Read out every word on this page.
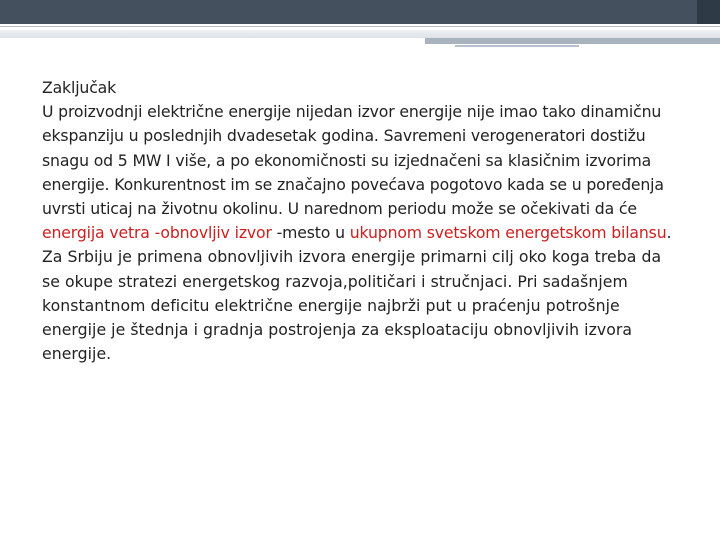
Zaključak
U proizvodnji električne energije nijedan izvor energije nije imao tako dinamičnu ekspanziju u poslednjih dvadesetak godina. Savremeni verogeneratori dostižu snagu od 5 MW I više, a po ekonomičnosti su izjednačeni sa klasičnim izvorima energije. Konkurentnost im se značajno povećava pogotovo kada se u poređenja uvrsti uticaj na životnu okolinu. U narednom periodu može se očekivati da će energija vetra -obnovljiv izvor -mesto u ukupnom svetskom energetskom bilansu. Za Srbiju je primena obnovljivih izvora energije primarni cilj oko koga treba da se okupe stratezi energetskog razvoja,političari i stručnjaci. Pri sadašnjem konstantnom deficitu električne energije najbrži put u praćenju potrošnje energije je štednja i gradnja postrojenja za eksploataciju obnovljivih izvora energije.
